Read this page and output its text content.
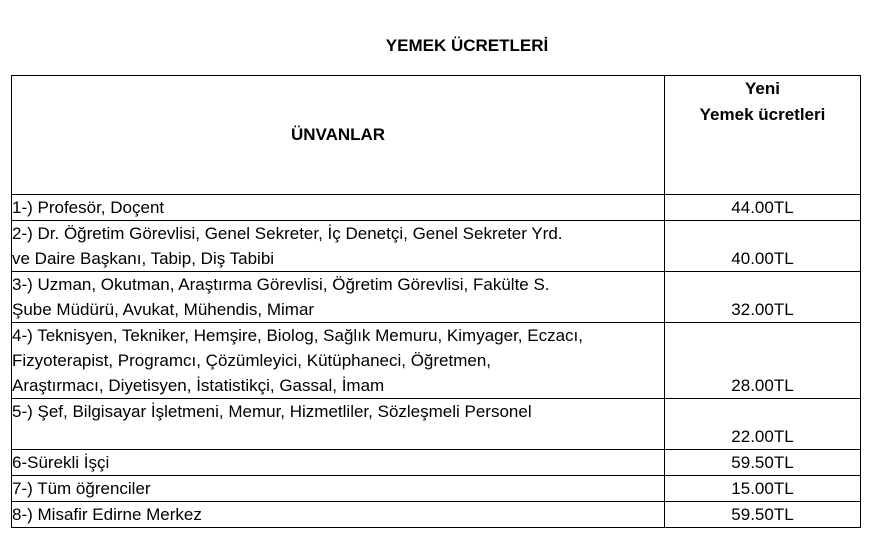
YEMEK ÜCRETLERİ
ÜNVANLAR	Yeni
Yemek ücretleri

1-) Profesör, Doçent	44.00TL

2-) Dr. Öğretim Görevlisi, Genel Sekreter, İç Denetçi, Genel Sekreter Yrd.
ve Daire Başkanı, Tabip, Diş Tabibi	40.00TL

3-) Uzman, Okutman, Araştırma Görevlisi, Öğretim Görevlisi, Fakülte S.
Şube Müdürü, Avukat, Mühendis, Mimar	32.00TL

4-) Teknisyen, Tekniker, Hemşire, Biolog, Sağlık Memuru, Kimyager, Eczacı,
Fizyoterapist, Programcı, Çözümleyici, Kütüphaneci, Öğretmen,
Araştırmacı, Diyetisyen, İstatistikçi, Gassal, İmam	28.00TL

5-) Şef, Bilgisayar İşletmeni, Memur, Hizmetliler, Sözleşmeli Personel	22.00TL

6-Sürekli İşçi	59.50TL

7-) Tüm öğrenciler	15.00TL

8-) Misafir Edirne Merkez	59.50TL
